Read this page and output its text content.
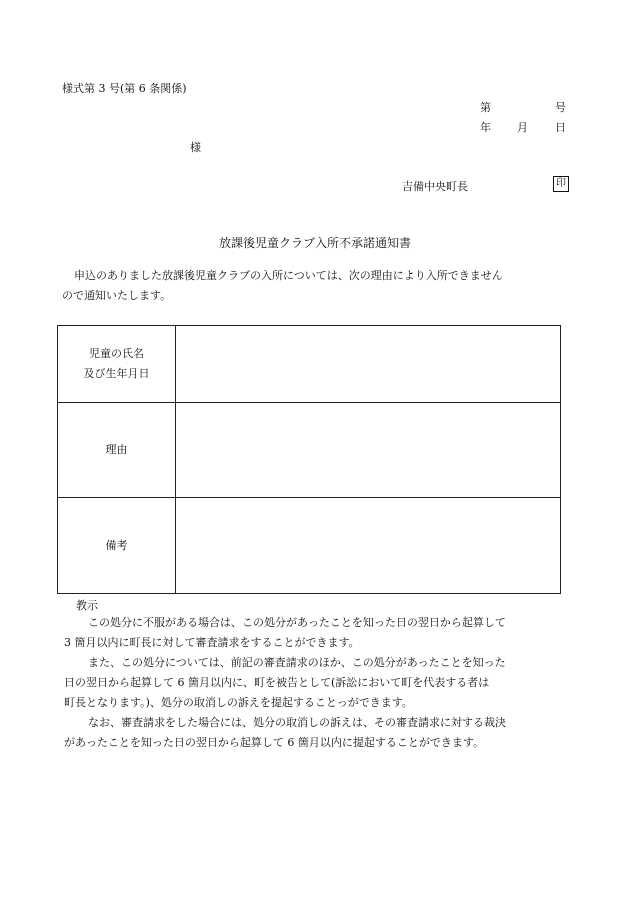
様式第 3 号(第 6 条関係)
第	号
年 月 日
様
吉備中央町長	印
放課後児童クラブ入所不承諾通知書
申込のありました放課後児童クラブの入所については、次の理由により入所できません
ので通知いたします。
児童の氏名
及び生年月日	

理由	
備考	
教示

この処分に不服がある場合は、この処分があったことを知った日の翌日から起算して
3 箇月以内に町長に対して審査請求をすることができます。

また、この処分については、前記の審査請求のほか、この処分があったことを知った
日の翌日から起算して 6 箇月以内に、町を被告として(訴訟において町を代表する者は
町長となります。)、処分の取消しの訴えを提起することっができます。

なお、審査請求をした場合には、処分の取消しの訴えは、その審査請求に対する裁決
があったことを知った日の翌日から起算して 6 箇月以内に提起することができます。
